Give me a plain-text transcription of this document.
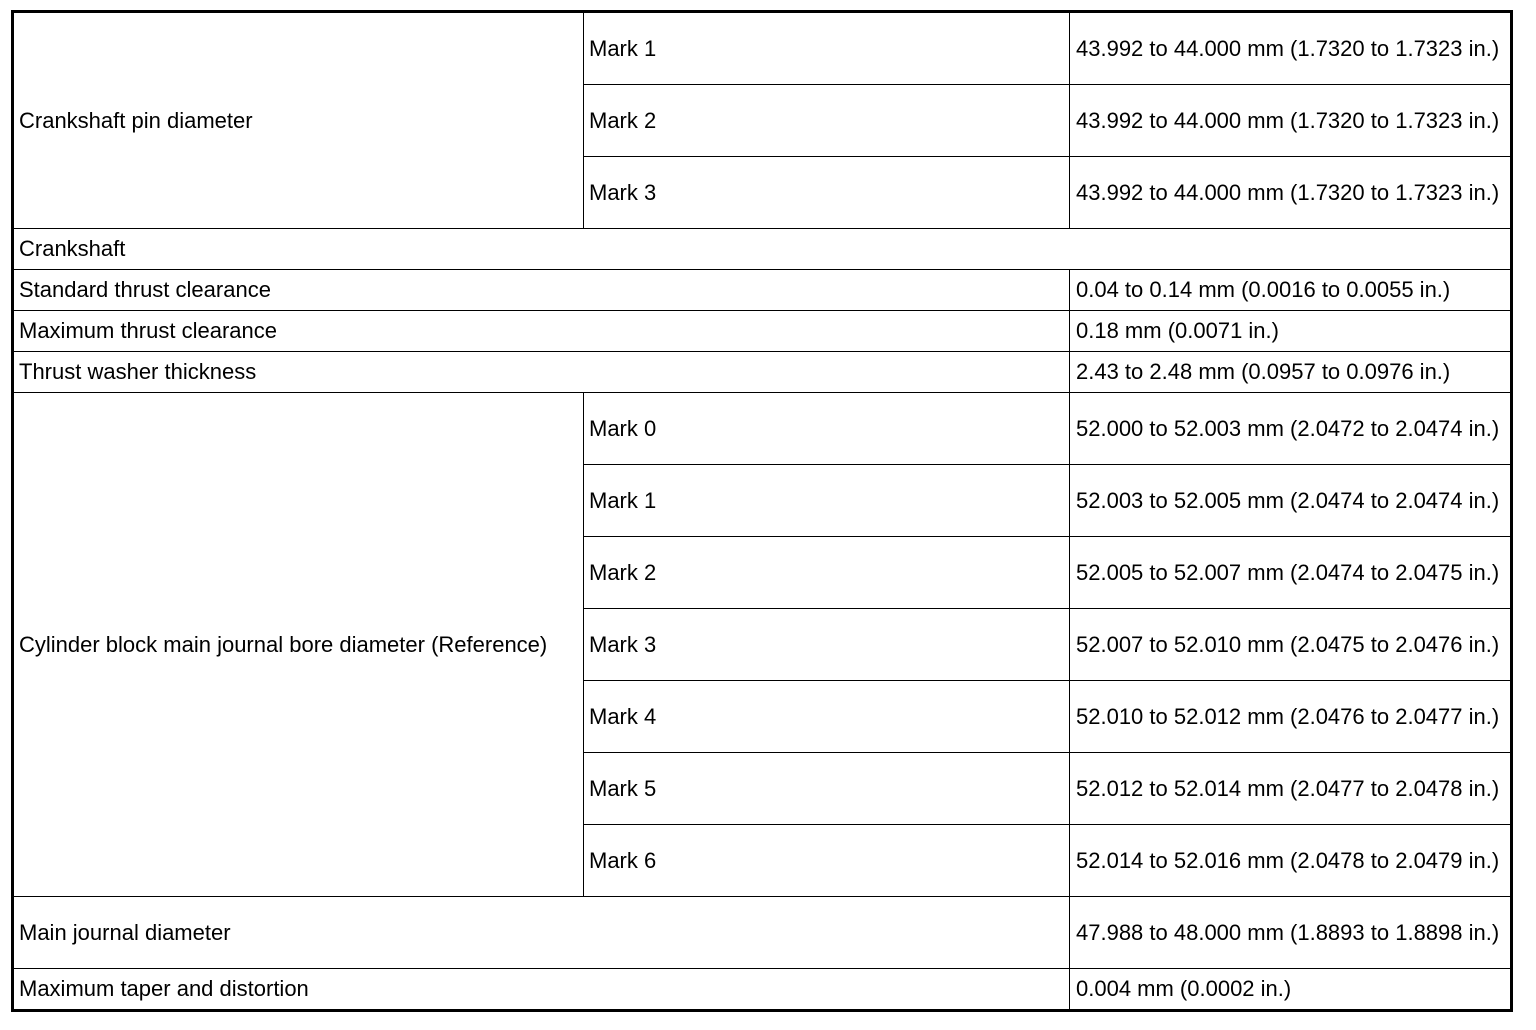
Crankshaft pin diameter	Mark 1	43.992 to 44.000 mm (1.7320 to 1.7323 in.)
	Mark 2	43.992 to 44.000 mm (1.7320 to 1.7323 in.)
	Mark 3	43.992 to 44.000 mm (1.7320 to 1.7323 in.)
Crankshaft		
Standard thrust clearance		0.04 to 0.14 mm (0.0016 to 0.0055 in.)
Maximum thrust clearance		0.18 mm (0.0071 in.)
Thrust washer thickness		2.43 to 2.48 mm (0.0957 to 0.0976 in.)
Cylinder block main journal bore diameter (Reference)	Mark 0	52.000 to 52.003 mm (2.0472 to 2.0474 in.)
	Mark 1	52.003 to 52.005 mm (2.0474 to 2.0474 in.)
	Mark 2	52.005 to 52.007 mm (2.0474 to 2.0475 in.)
	Mark 3	52.007 to 52.010 mm (2.0475 to 2.0476 in.)
	Mark 4	52.010 to 52.012 mm (2.0476 to 2.0477 in.)
	Mark 5	52.012 to 52.014 mm (2.0477 to 2.0478 in.)
	Mark 6	52.014 to 52.016 mm (2.0478 to 2.0479 in.)
Main journal diameter		47.988 to 48.000 mm (1.8893 to 1.8898 in.)
Maximum taper and distortion		0.004 mm (0.0002 in.)
